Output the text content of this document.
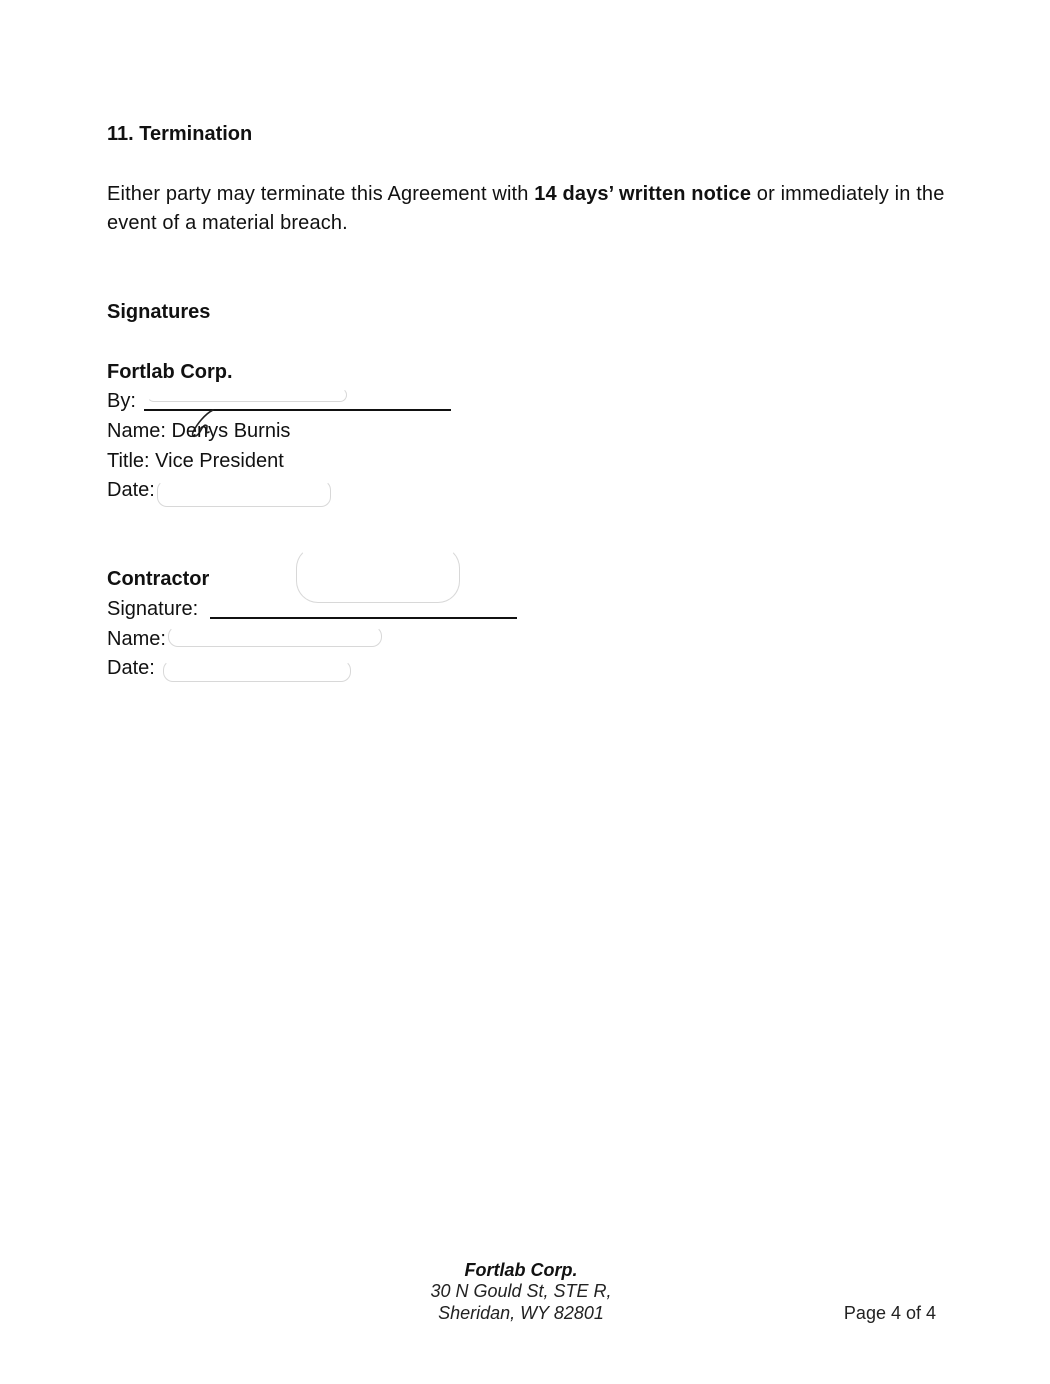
11. Termination
Either party may terminate this Agreement with 14 days’ written notice or immediately in the event of a material breach.
Signatures
Fortlab Corp.
By:
Name: Denys Burnis
Title: Vice President
Date:
Contractor
Signature:
Name:
Date:
Fortlab Corp.
30 N Gould St, STE R,
Sheridan, WY 82801	Page 4 of 4
